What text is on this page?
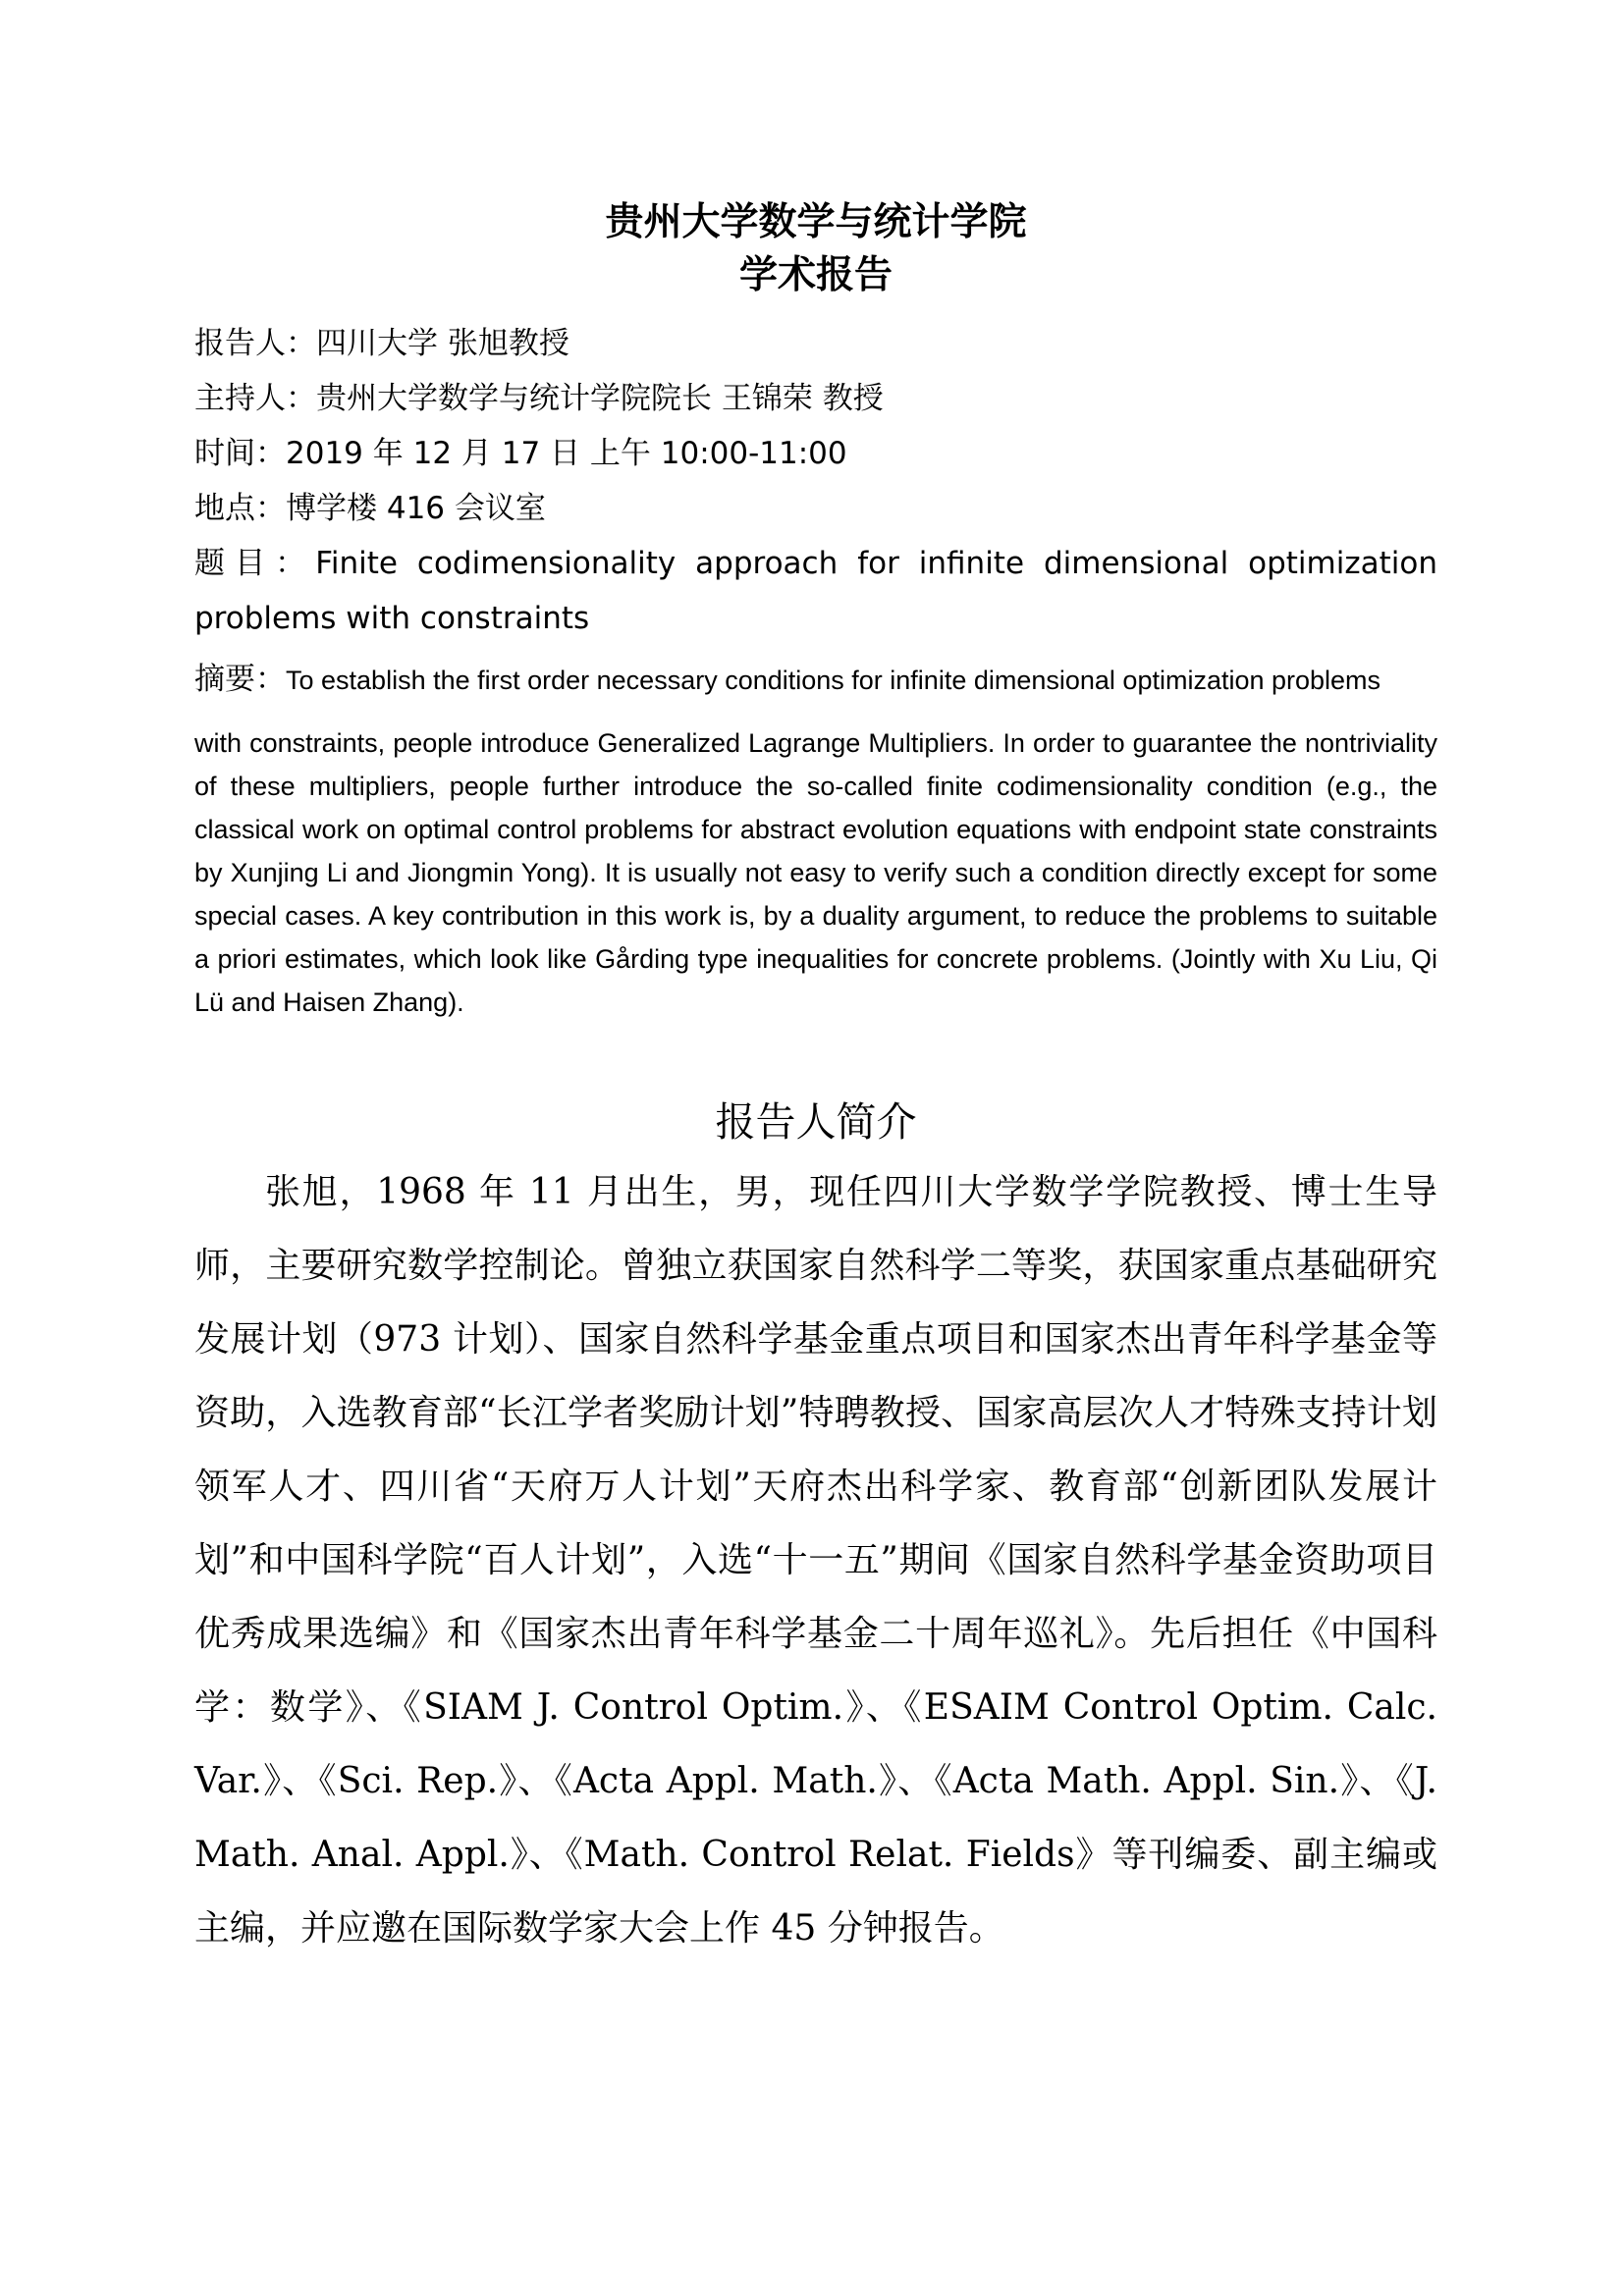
贵州大学数学与统计学院
学术报告
报告人：四川大学 张旭教授
主持人：贵州大学数学与统计学院院长 王锦荣 教授
时间：2019 年 12 月 17 日 上午 10:00-11:00
地点：博学楼 416 会议室
题目：Finite codimensionality approach for infinite dimensional optimization problems with constraints
摘要：To establish the first order necessary conditions for infinite dimensional optimization problems
with constraints, people introduce Generalized Lagrange Multipliers. In order to guarantee the nontriviality of these multipliers, people further introduce the so-called finite codimensionality condition (e.g., the classical work on optimal control problems for abstract evolution equations with endpoint state constraints by Xunjing Li and Jiongmin Yong). It is usually not easy to verify such a condition directly except for some special cases. A key contribution in this work is, by a duality argument, to reduce the problems to suitable a priori estimates, which look like Gårding type inequalities for concrete problems. (Jointly with Xu Liu, Qi Lü and Haisen Zhang).
报告人简介
张旭，1968 年 11 月出生，男，现任四川大学数学学院教授、博士生导师，主要研究数学控制论。曾独立获国家自然科学二等奖，获国家重点基础研究发展计划（973 计划）、国家自然科学基金重点项目和国家杰出青年科学基金等资助，入选教育部“长江学者奖励计划”特聘教授、国家高层次人才特殊支持计划领军人才、四川省“天府万人计划”天府杰出科学家、教育部“创新团队发展计划”和中国科学院“百人计划”，入选“十一五”期间《国家自然科学基金资助项目优秀成果选编》和《国家杰出青年科学基金二十周年巡礼》。先后担任《中国科学：数学》、《SIAM J. Control Optim.》、《ESAIM Control Optim. Calc. Var.》、《Sci. Rep.》、《Acta Appl. Math.》、《Acta Math. Appl. Sin.》、《J. Math. Anal. Appl.》、《Math. Control Relat. Fields》等刊编委、副主编或主编，并应邀在国际数学家大会上作 45 分钟报告。
